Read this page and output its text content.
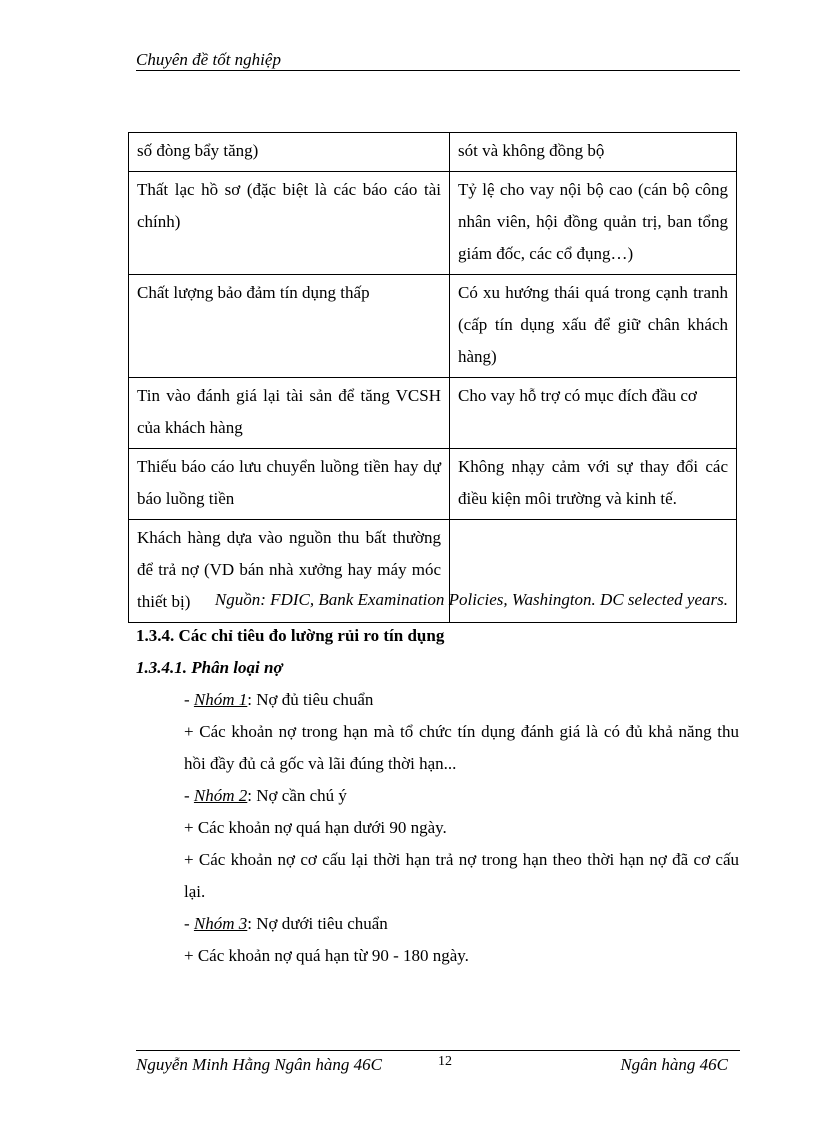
Chuyên đề tốt nghiệp
số đòng bẩy tăng)	sót và không đồng bộ
Thất lạc hồ sơ (đặc biệt là các báo cáo tài chính)	Tỷ lệ cho vay nội bộ cao (cán bộ công nhân viên, hội đồng quản trị, ban tổng giám đốc, các cổ đụng…)
Chất lượng bảo đảm tín dụng thấp	Có xu hướng thái quá trong cạnh tranh (cấp tín dụng xấu để giữ chân khách hàng)
Tin vào đánh giá lại tài sản để tăng VCSH của khách hàng	Cho vay hỗ trợ có mục đích đầu cơ
Thiếu báo cáo lưu chuyển luồng tiền hay dự báo luồng tiền	Không nhạy cảm với sự thay đổi các điều kiện môi trường và kinh tế.
Khách hàng dựa vào nguồn thu bất thường để trả nợ (VD bán nhà xưởng hay máy móc thiết bị)		Nguồn: FDIC, Bank Examination Policies, Washington. DC selected years.
1.3.4. Các chỉ tiêu đo lường rủi ro tín dụng
1.3.4.1. Phân loại nợ
- Nhóm 1: Nợ đủ tiêu chuẩn
+ Các khoản nợ trong hạn mà tổ chức tín dụng đánh giá là có đủ khả năng thu hồi đầy đủ cả gốc và lãi đúng thời hạn...
- Nhóm 2: Nợ cần chú ý
+ Các khoản nợ quá hạn dưới 90 ngày.
+ Các khoản nợ cơ cấu lại thời hạn trả nợ trong hạn theo thời hạn nợ đã cơ cấu lại.
- Nhóm 3: Nợ dưới tiêu chuẩn
+ Các khoản nợ quá hạn từ 90 - 180 ngày.
Nguyễn Minh Hằng Ngân hàng 46C	12	Ngân hàng 46C
